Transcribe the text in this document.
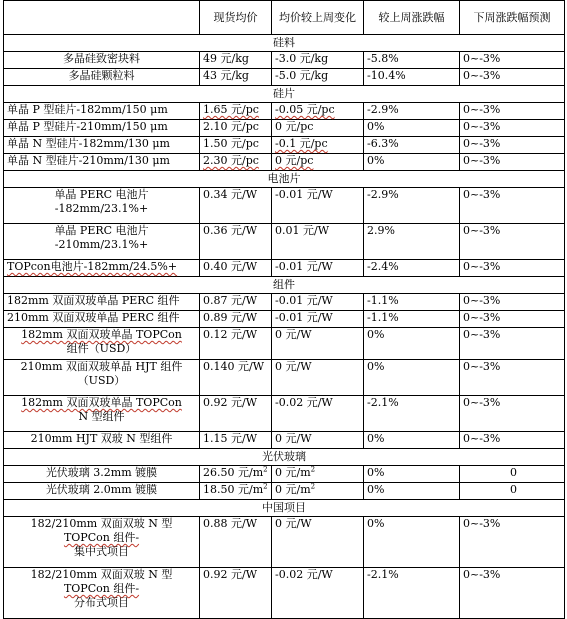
	现货均价	均价较上周变化	较上周涨跌幅	下周涨跌幅预测
硅料				
多晶硅致密块料	49 元/kg	-3.0 元/kg	-5.8%	0~-3%
多晶硅颗粒料	43 元/kg	-5.0 元/kg	-10.4%	0~-3%
硅片				
单晶 P 型硅片-182mm/150 μm	1.65 元/pc	-0.05 元/pc	-2.9%	0~-3%
单晶 P 型硅片-210mm/150 μm	2.10 元/pc	0 元/pc	0%	0~-3%
单晶 N 型硅片-182mm/130 μm	1.50 元/pc	-0.1 元/pc	-6.3%	0~-3%
单晶 N 型硅片-210mm/130 μm	2.30 元/pc	0 元/pc	0%	0~-3%
电池片				

单晶 PERC 电池片
-182mm/23.1%+	0.34 元/W	-0.01 元/W	-2.9%	0~-3%

单晶 PERC 电池片
-210mm/23.1%+	0.36 元/W	0.01 元/W	2.9%	0~-3%
TOPcon电池片-182mm/24.5%+	0.40 元/W	-0.01 元/W	-2.4%	0~-3%
组件				
182mm 双面双玻单晶 PERC 组件	0.87 元/W	-0.01 元/W	-1.1%	0~-3%
210mm 双面双玻单晶 PERC 组件	0.89 元/W	-0.01 元/W	-1.1%	0~-3%

182mm 双面双玻单晶 TOPCon
组件（USD）	0.12 元/W	0 元/W	0%	0~-3%

210mm 双面双玻单晶 HJT 组件
（USD）	0.140 元/W	0 元/W	0%	0~-3%

182mm 双面双玻单晶 TOPCon
N 型组件	0.92 元/W	-0.02 元/W	-2.1%	0~-3%
210mm HJT 双玻 N 型组件	1.15 元/W	0 元/W	0%	0~-3%
光伏玻璃				
光伏玻璃 3.2mm 镀膜	26.50 元$/m^2$	0 元$/m^2$	0%	0
光伏玻璃 2.0mm 镀膜	18.50 元$/m^2$	0 元$/m^2$	0%	0
中国项目				

182/210mm 双面双玻 N 型
TOPCon 组件-
集中式项目	0.88 元/W	0 元/W	0%	0~-3%

182/210mm 双面双玻 N 型
TOPCon 组件-
分布式项目	0.92 元/W	-0.02 元/W	-2.1%	0~-3%
